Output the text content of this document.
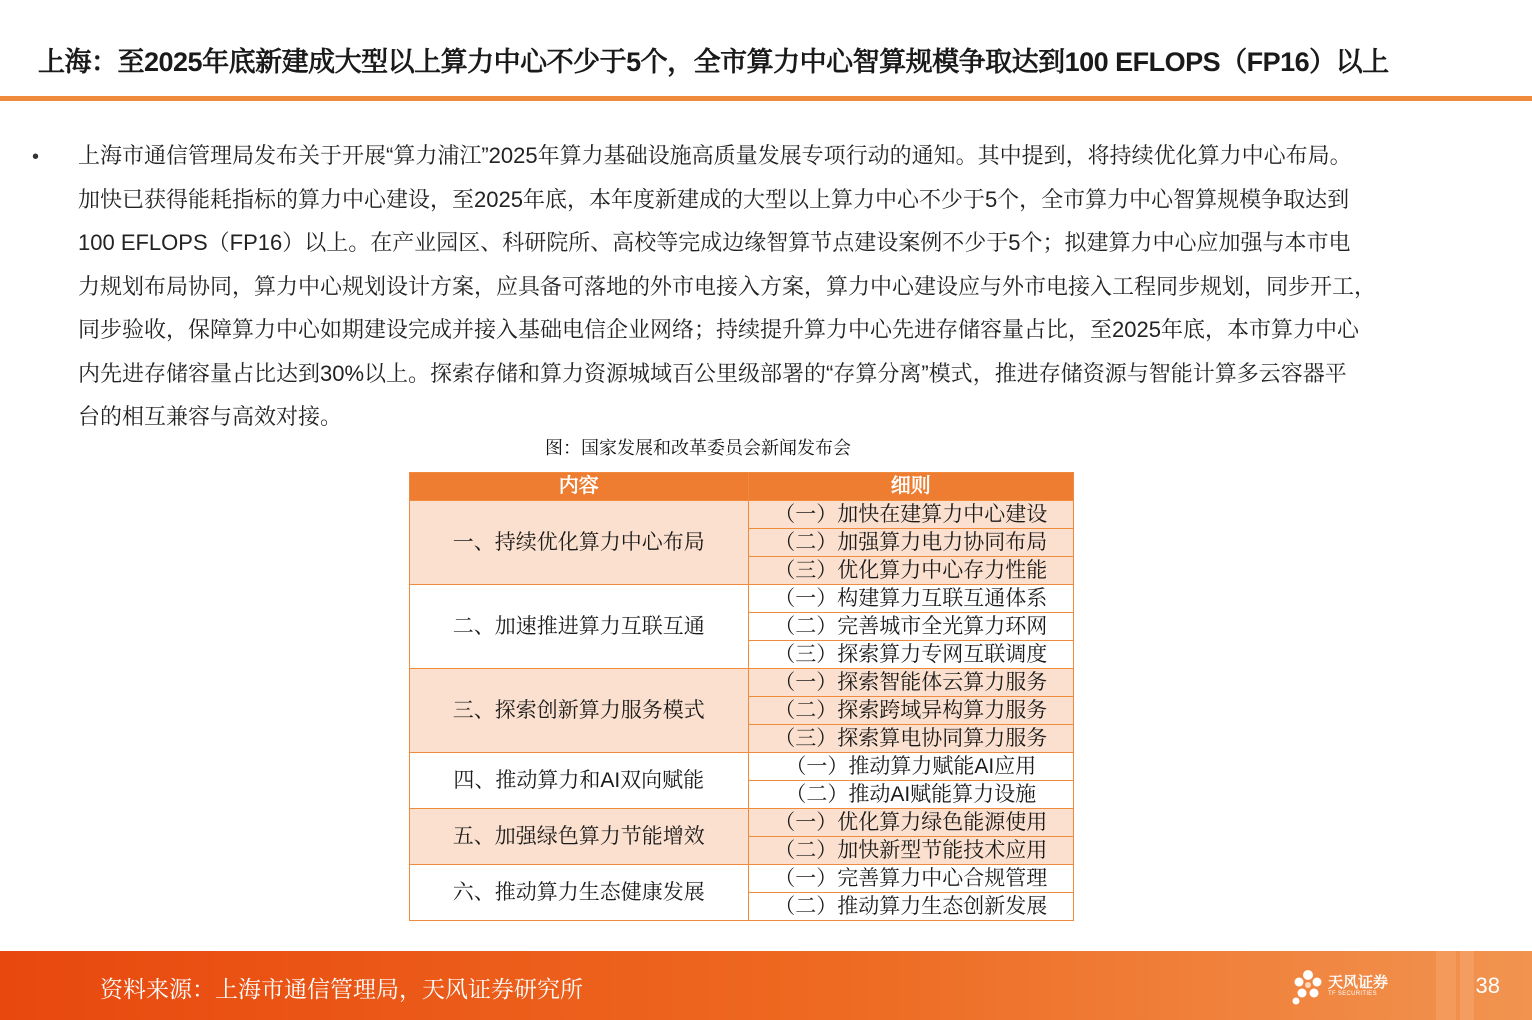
上海：至2025年底新建成大型以上算力中心不少于5个，全市算力中心智算规模争取达到100 EFLOPS（FP16）以上
• 上海市通信管理局发布关于开展“算力浦江”2025年算力基础设施高质量发展专项行动的通知。其中提到，将持续优化算力中心布局。
加快已获得能耗指标的算力中心建设，至2025年底，本年度新建成的大型以上算力中心不少于5个，全市算力中心智算规模争取达到
100 EFLOPS（FP16）以上。在产业园区、科研院所、高校等完成边缘智算节点建设案例不少于5个；拟建算力中心应加强与本市电
力规划布局协同，算力中心规划设计方案，应具备可落地的外市电接入方案，算力中心建设应与外市电接入工程同步规划，同步开工，
同步验收，保障算力中心如期建设完成并接入基础电信企业网络；持续提升算力中心先进存储容量占比，至2025年底，本市算力中心
内先进存储容量占比达到30%以上。探索存储和算力资源城域百公里级部署的“存算分离”模式，推进存储资源与智能计算多云容器平
台的相互兼容与高效对接。
图：国家发展和改革委员会新闻发布会
内容	细则
一、持续优化算力中心布局	（一）加快在建算力中心建设
	（二）加强算力电力协同布局
	（三）优化算力中心存力性能
二、加速推进算力互联互通	（一）构建算力互联互通体系
	（二）完善城市全光算力环网
	（三）探索算力专网互联调度
三、探索创新算力服务模式	（一）探索智能体云算力服务
	（二）探索跨域异构算力服务
	（三）探索算电协同算力服务
四、推动算力和AI双向赋能	（一）推动算力赋能AI应用
	（二）推动AI赋能算力设施
五、加强绿色算力节能增效	（一）优化算力绿色能源使用
	（二）加快新型节能技术应用
六、推动算力生态健康发展	（一）完善算力中心合规管理
	（二）推动算力生态创新发展
资料来源：上海市通信管理局，天风证券研究所	天风证券
TF SECURITIES	38
